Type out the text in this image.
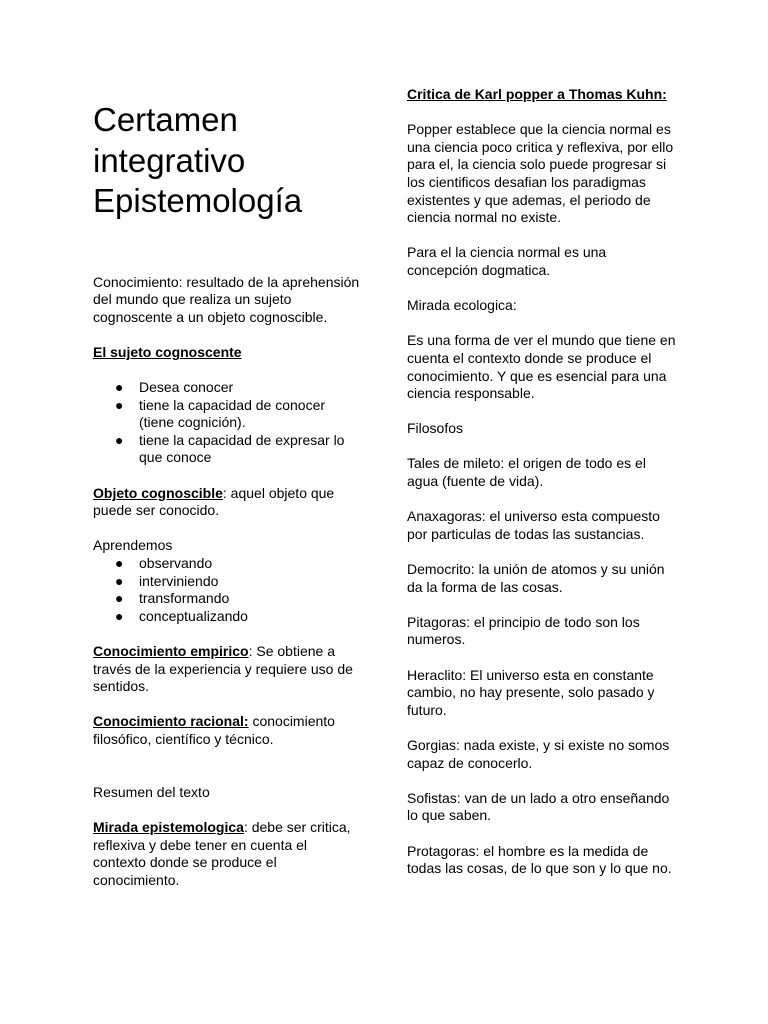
Certamen integrativo Epistemología

Conocimiento: resultado de la aprehensión del mundo que realiza un sujeto cognoscente a un objeto cognoscible.

El sujeto cognoscente

● Desea conocer
● tiene la capacidad de conocer (tiene cognición).
● tiene la capacidad de expresar lo que conoce

Objeto cognoscible: aquel objeto que puede ser conocido.

Aprendemos

● observando
● interviniendo
● transformando
● conceptualizando

Conocimiento empirico: Se obtiene a través de la experiencia y requiere uso de sentidos.

Conocimiento racional: conocimiento filosófico, científico y técnico.

Resumen del texto

Mirada epistemologica: debe ser critica, reflexiva y debe tener en cuenta el contexto donde se produce el conocimiento.

Critica de Karl popper a Thomas Kuhn:

Popper establece que la ciencia normal es una ciencia poco critica y reflexiva, por ello para el, la ciencia solo puede progresar si los cientificos desafian los paradigmas existentes y que ademas, el periodo de ciencia normal no existe.

Para el la ciencia normal es una concepción dogmatica.

Mirada ecologica:

Es una forma de ver el mundo que tiene en cuenta el contexto donde se produce el conocimiento. Y que es esencial para una ciencia responsable.

Filosofos

Tales de mileto: el origen de todo es el agua (fuente de vida).

Anaxagoras: el universo esta compuesto por particulas de todas las sustancias.

Democrito: la unión de atomos y su unión da la forma de las cosas.

Pitagoras: el principio de todo son los numeros.

Heraclito: El universo esta en constante cambio, no hay presente, solo pasado y futuro.

Gorgias: nada existe, y si existe no somos capaz de conocerlo.

Sofistas: van de un lado a otro enseñando lo que saben.

Protagoras: el hombre es la medida de todas las cosas, de lo que son y lo que no.
